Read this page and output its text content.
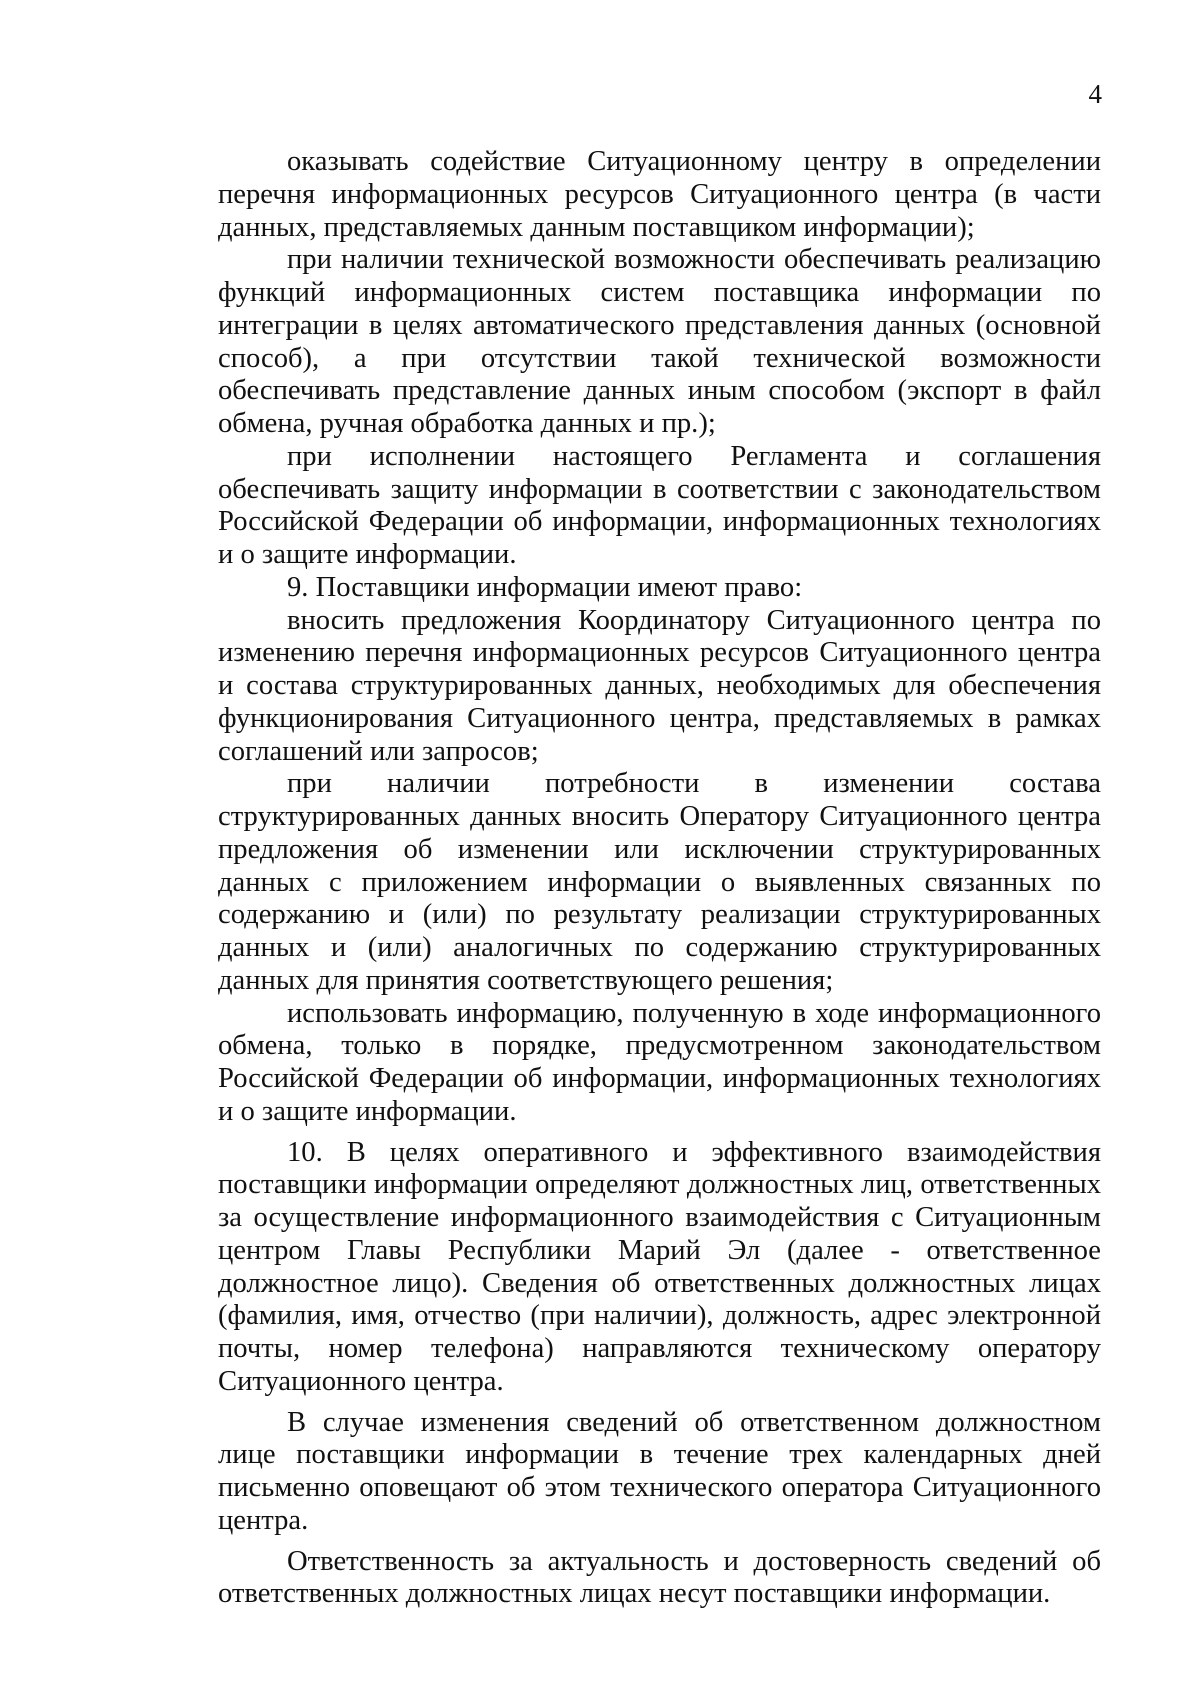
4

оказывать содействие Ситуационному центру в определении перечня информационных ресурсов Ситуационного центра (в части данных, представляемых данным поставщиком информации);

при наличии технической возможности обеспечивать реализацию функций информационных систем поставщика информации по интеграции в целях автоматического представления данных (основной способ), а при отсутствии такой технической возможности обеспечивать представление данных иным способом (экспорт в файл обмена, ручная обработка данных и пр.);

при исполнении настоящего Регламента и соглашения обеспечивать защиту информации в соответствии с законодательством Российской Федерации об информации, информационных технологиях и о защите информации.

9. Поставщики информации имеют право:

вносить предложения Координатору Ситуационного центра по изменению перечня информационных ресурсов Ситуационного центра и состава структурированных данных, необходимых для обеспечения функционирования Ситуационного центра, представляемых в рамках соглашений или запросов;

при наличии потребности в изменении состава структурированных данных вносить Оператору Ситуационного центра предложения об изменении или исключении структурированных данных с приложением информации о выявленных связанных по содержанию и (или) по результату реализации структурированных данных и (или) аналогичных по содержанию структурированных данных для принятия соответствующего решения;

использовать информацию, полученную в ходе информационного обмена, только в порядке, предусмотренном законодательством Российской Федерации об информации, информационных технологиях и о защите информации.

10. В целях оперативного и эффективного взаимодействия поставщики информации определяют должностных лиц, ответственных за осуществление информационного взаимодействия с Ситуационным центром Главы Республики Марий Эл (далее - ответственное должностное лицо). Сведения об ответственных должностных лицах (фамилия, имя, отчество (при наличии), должность, адрес электронной почты, номер телефона) направляются техническому оператору Ситуационного центра.

В случае изменения сведений об ответственном должностном лице поставщики информации в течение трех календарных дней письменно оповещают об этом технического оператора Ситуационного центра.

Ответственность за актуальность и достоверность сведений об ответственных должностных лицах несут поставщики информации.
